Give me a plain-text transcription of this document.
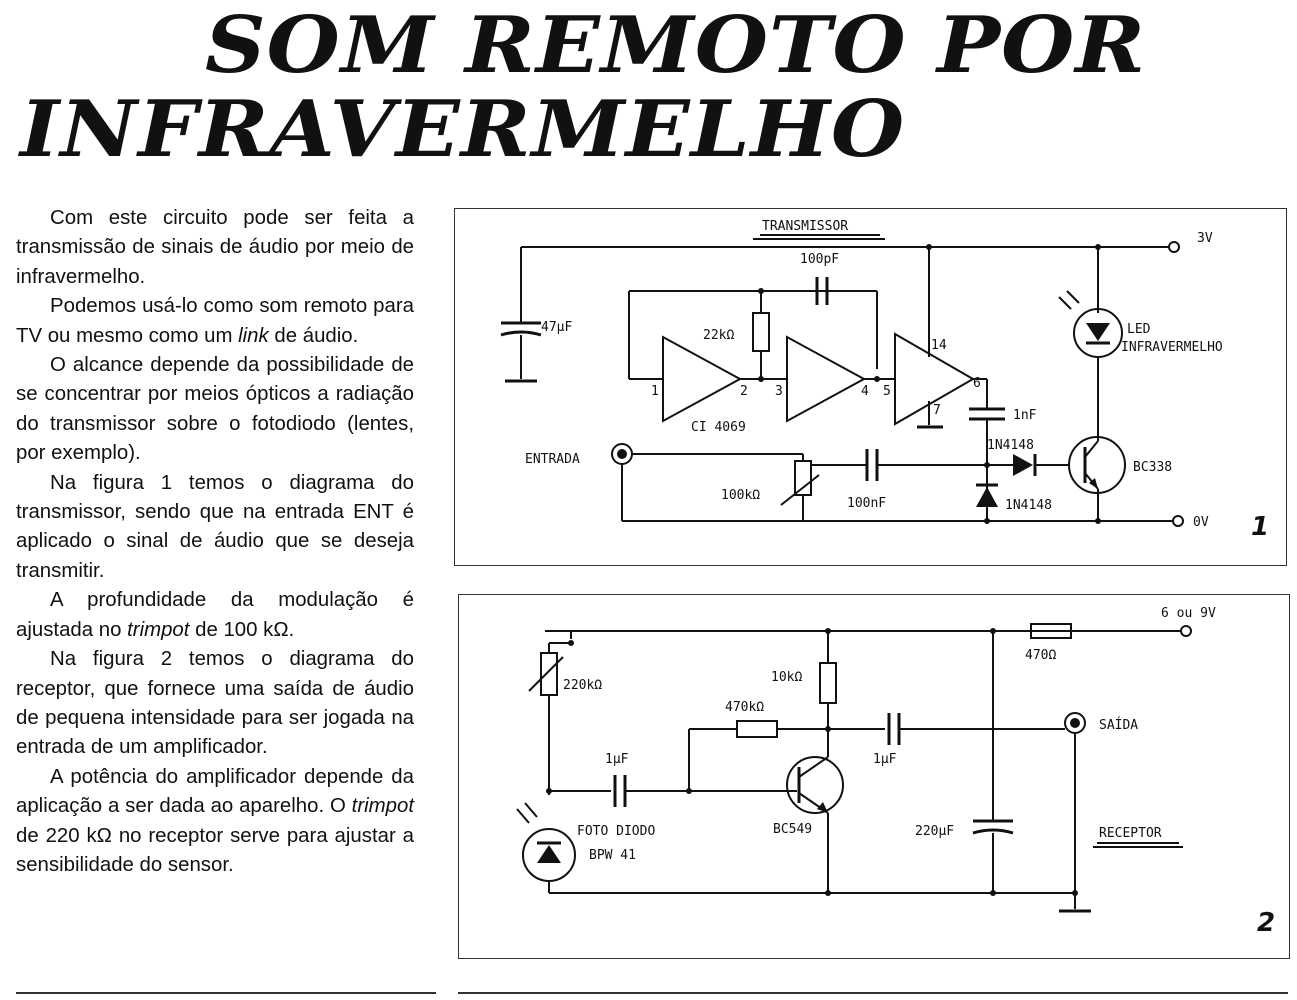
SOM REMOTO POR
INFRAVERMELHO

Com este circuito pode ser feita a transmissão de sinais de áudio por meio de infravermelho.

Podemos usá-lo como som remoto para TV ou mesmo como um link de áudio.

O alcance depende da possibilidade de se concentrar por meios ópticos a radiação do transmissor sobre o fotodiodo (lentes, por exemplo).

Na figura 1 temos o diagrama do transmissor, sendo que na entrada ENT é aplicado o sinal de áudio que se deseja transmitir.

A profundidade da modulação é ajustada no trimpot de 100 kΩ.

Na figura 2 temos o diagrama do receptor, que fornece uma saída de áudio de pequena intensidade para ser jogada na entrada de um amplificador.

A potência do amplificador depende da aplicação a ser dada ao aparelho. O trimpot de 220 kΩ no receptor serve para ajustar a sensibilidade do sensor.

TRANSMISSOR
3V
47μF
100pF
22kΩ
1	2 3	4 5
6
7
14
CI 4069
1nF
1N4148
1N4148
BC338
LED
INFRAVERMELHO
ENTRADA
100kΩ
100nF
0V 1
6 ou 9V
470Ω
220kΩ
1μF
FOTO DIODO
BPW 41
470kΩ
10kΩ
BC549
1μF
220μF
SAÍDA
RECEPTOR
2
